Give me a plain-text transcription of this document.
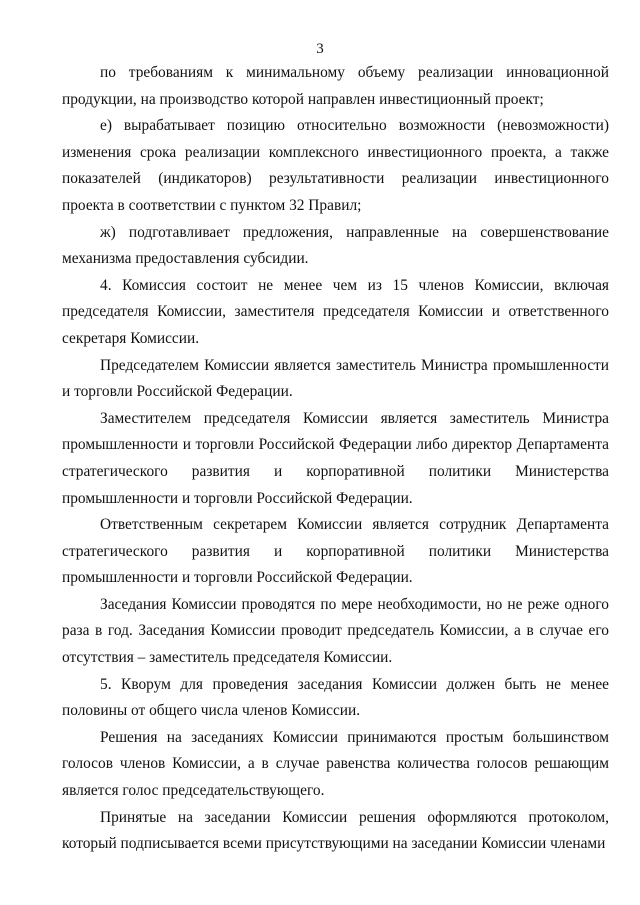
3

по требованиям к минимальному объему реализации инновационной продукции, на производство которой направлен инвестиционный проект;

е) вырабатывает позицию относительно возможности (невозможности) изменения срока реализации комплексного инвестиционного проекта, а также показателей (индикаторов) результативности реализации инвестиционного проекта в соответствии с пунктом 32 Правил;

ж) подготавливает предложения, направленные на совершенствование механизма предоставления субсидии.

4. Комиссия состоит не менее чем из 15 членов Комиссии, включая председателя Комиссии, заместителя председателя Комиссии и ответственного секретаря Комиссии.

Председателем Комиссии является заместитель Министра промышленности и торговли Российской Федерации.

Заместителем председателя Комиссии является заместитель Министра промышленности и торговли Российской Федерации либо директор Департамента стратегического развития и корпоративной политики Министерства промышленности и торговли Российской Федерации.

Ответственным секретарем Комиссии является сотрудник Департамента стратегического развития и корпоративной политики Министерства промышленности и торговли Российской Федерации.

Заседания Комиссии проводятся по мере необходимости, но не реже одного раза в год. Заседания Комиссии проводит председатель Комиссии, а в случае его отсутствия – заместитель председателя Комиссии.

5. Кворум для проведения заседания Комиссии должен быть не менее половины от общего числа членов Комиссии.

Решения на заседаниях Комиссии принимаются простым большинством голосов членов Комиссии, а в случае равенства количества голосов решающим является голос председательствующего.

Принятые на заседании Комиссии решения оформляются протоколом, который подписывается всеми присутствующими на заседании Комиссии членами
